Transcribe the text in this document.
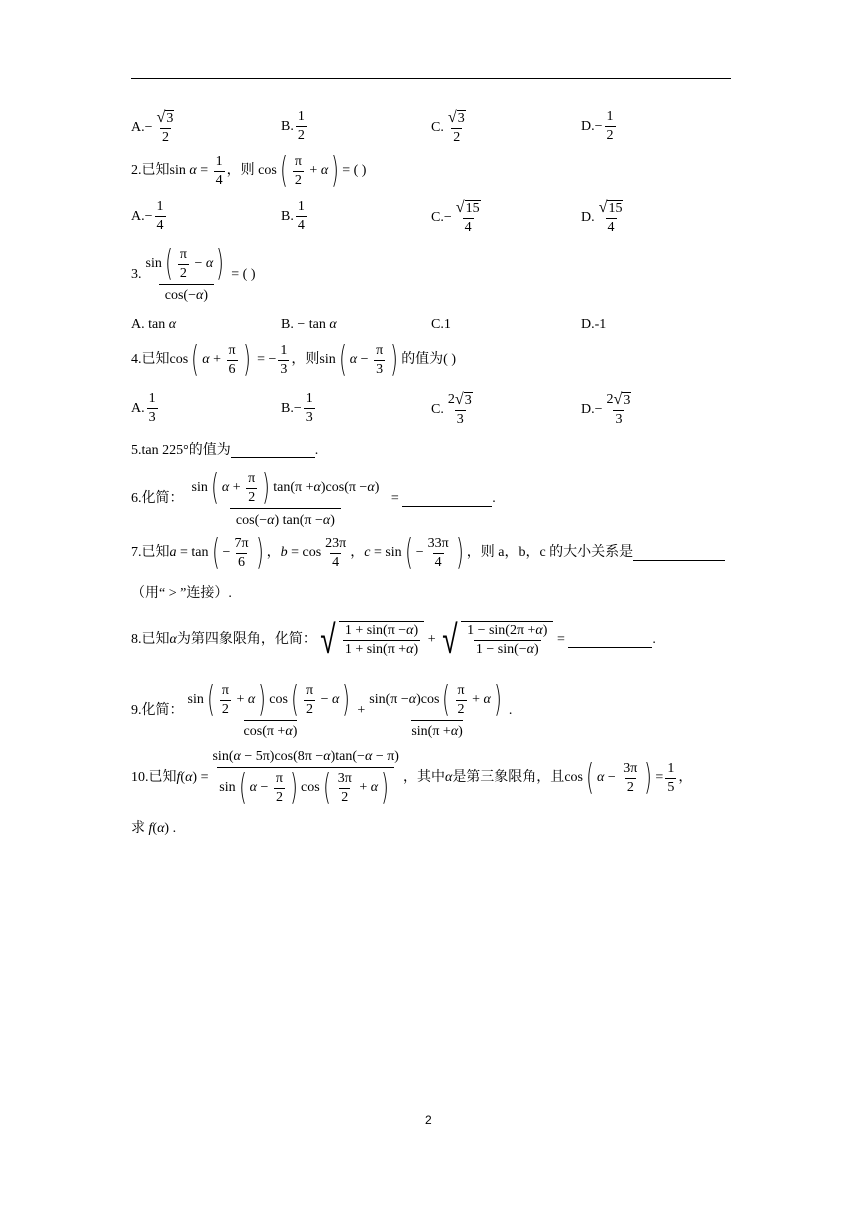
A. − $\frac{√ 3}{2}$	B. $\frac{1}{2}$	C. $\frac{√ 3}{2}$	D. − $\frac{1}{2}$
2.已知 $\sin \alpha = \frac{1}{4}$ ，则 cos ( $\frac{\pi}{2} + \alpha$ ) = ( )
A. − $\frac{1}{4}$	B. $\frac{1}{4}$	C. − $\frac{√ 15}{4}$	D. $\frac{√ 15}{4}$
3. $\frac{\sin ( \frac{\pi}{2} - \alpha )}{\cos(- \alpha )}$ = ( )
A. tan α	B. − tan α	C.1	D.-1
4.已知 cos ( $\alpha + \frac{\pi}{6}$ ) = − $\frac{1}{3}$ ，则 sin ( $\alpha - \frac{\pi}{3}$ ) 的值为( )
A. $\frac{1}{3}$	B. − $\frac{1}{3}$	C. $\frac{2 √ 3}{3}$	D. − $\frac{2 √ 3}{3}$
5. tan 225° 的值为	.
6.化简： $\frac{\sin ( \alpha + \frac{\pi}{2} ) \tan(\pi + \alpha )\cos(\pi - \alpha )}{\cos(- \alpha ) \tan(\pi - \alpha )}$ =	.
7.已知 a = tan ( − $\frac{7\pi}{6}$ ) ， $b = \cos \frac{23\pi}{4}$ ， c = sin ( − $\frac{33\pi}{4}$ ) ，则 a，b，c 的大小关系是
（用“ > ”连接）.
8.已知 α 为第四象限角，化简： √ $\frac{1 + \sin(\pi - \alpha )}{1 + \sin(\pi + \alpha )}$ + √ $\frac{1 - \sin(2\pi + \alpha )}{1 - \sin(- \alpha )}$ =	.
9.化简： $\frac{\sin ( \frac{\pi}{2} + \alpha ) \cos ( \frac{\pi}{2} - \alpha )}{\cos(\pi + \alpha )} + \frac{\sin(\pi - \alpha )\cos ( \frac{\pi}{2} + \alpha )}{\sin(\pi + \alpha )}$ .
10.已知 f ( α ) = $\frac{\sin( \alpha - 5\pi)\cos(8\pi - \alpha )\tan(- \alpha - \pi)}{\sin ( \alpha - \frac{\pi}{2} ) \cos ( \frac{3\pi}{2} + \alpha )}$ ，其中 α 是第三象限角，且 cos ( $\alpha - \frac{3\pi}{2}$ ) = $\frac{1}{5}$ ，
求
f ( α ) .
2
